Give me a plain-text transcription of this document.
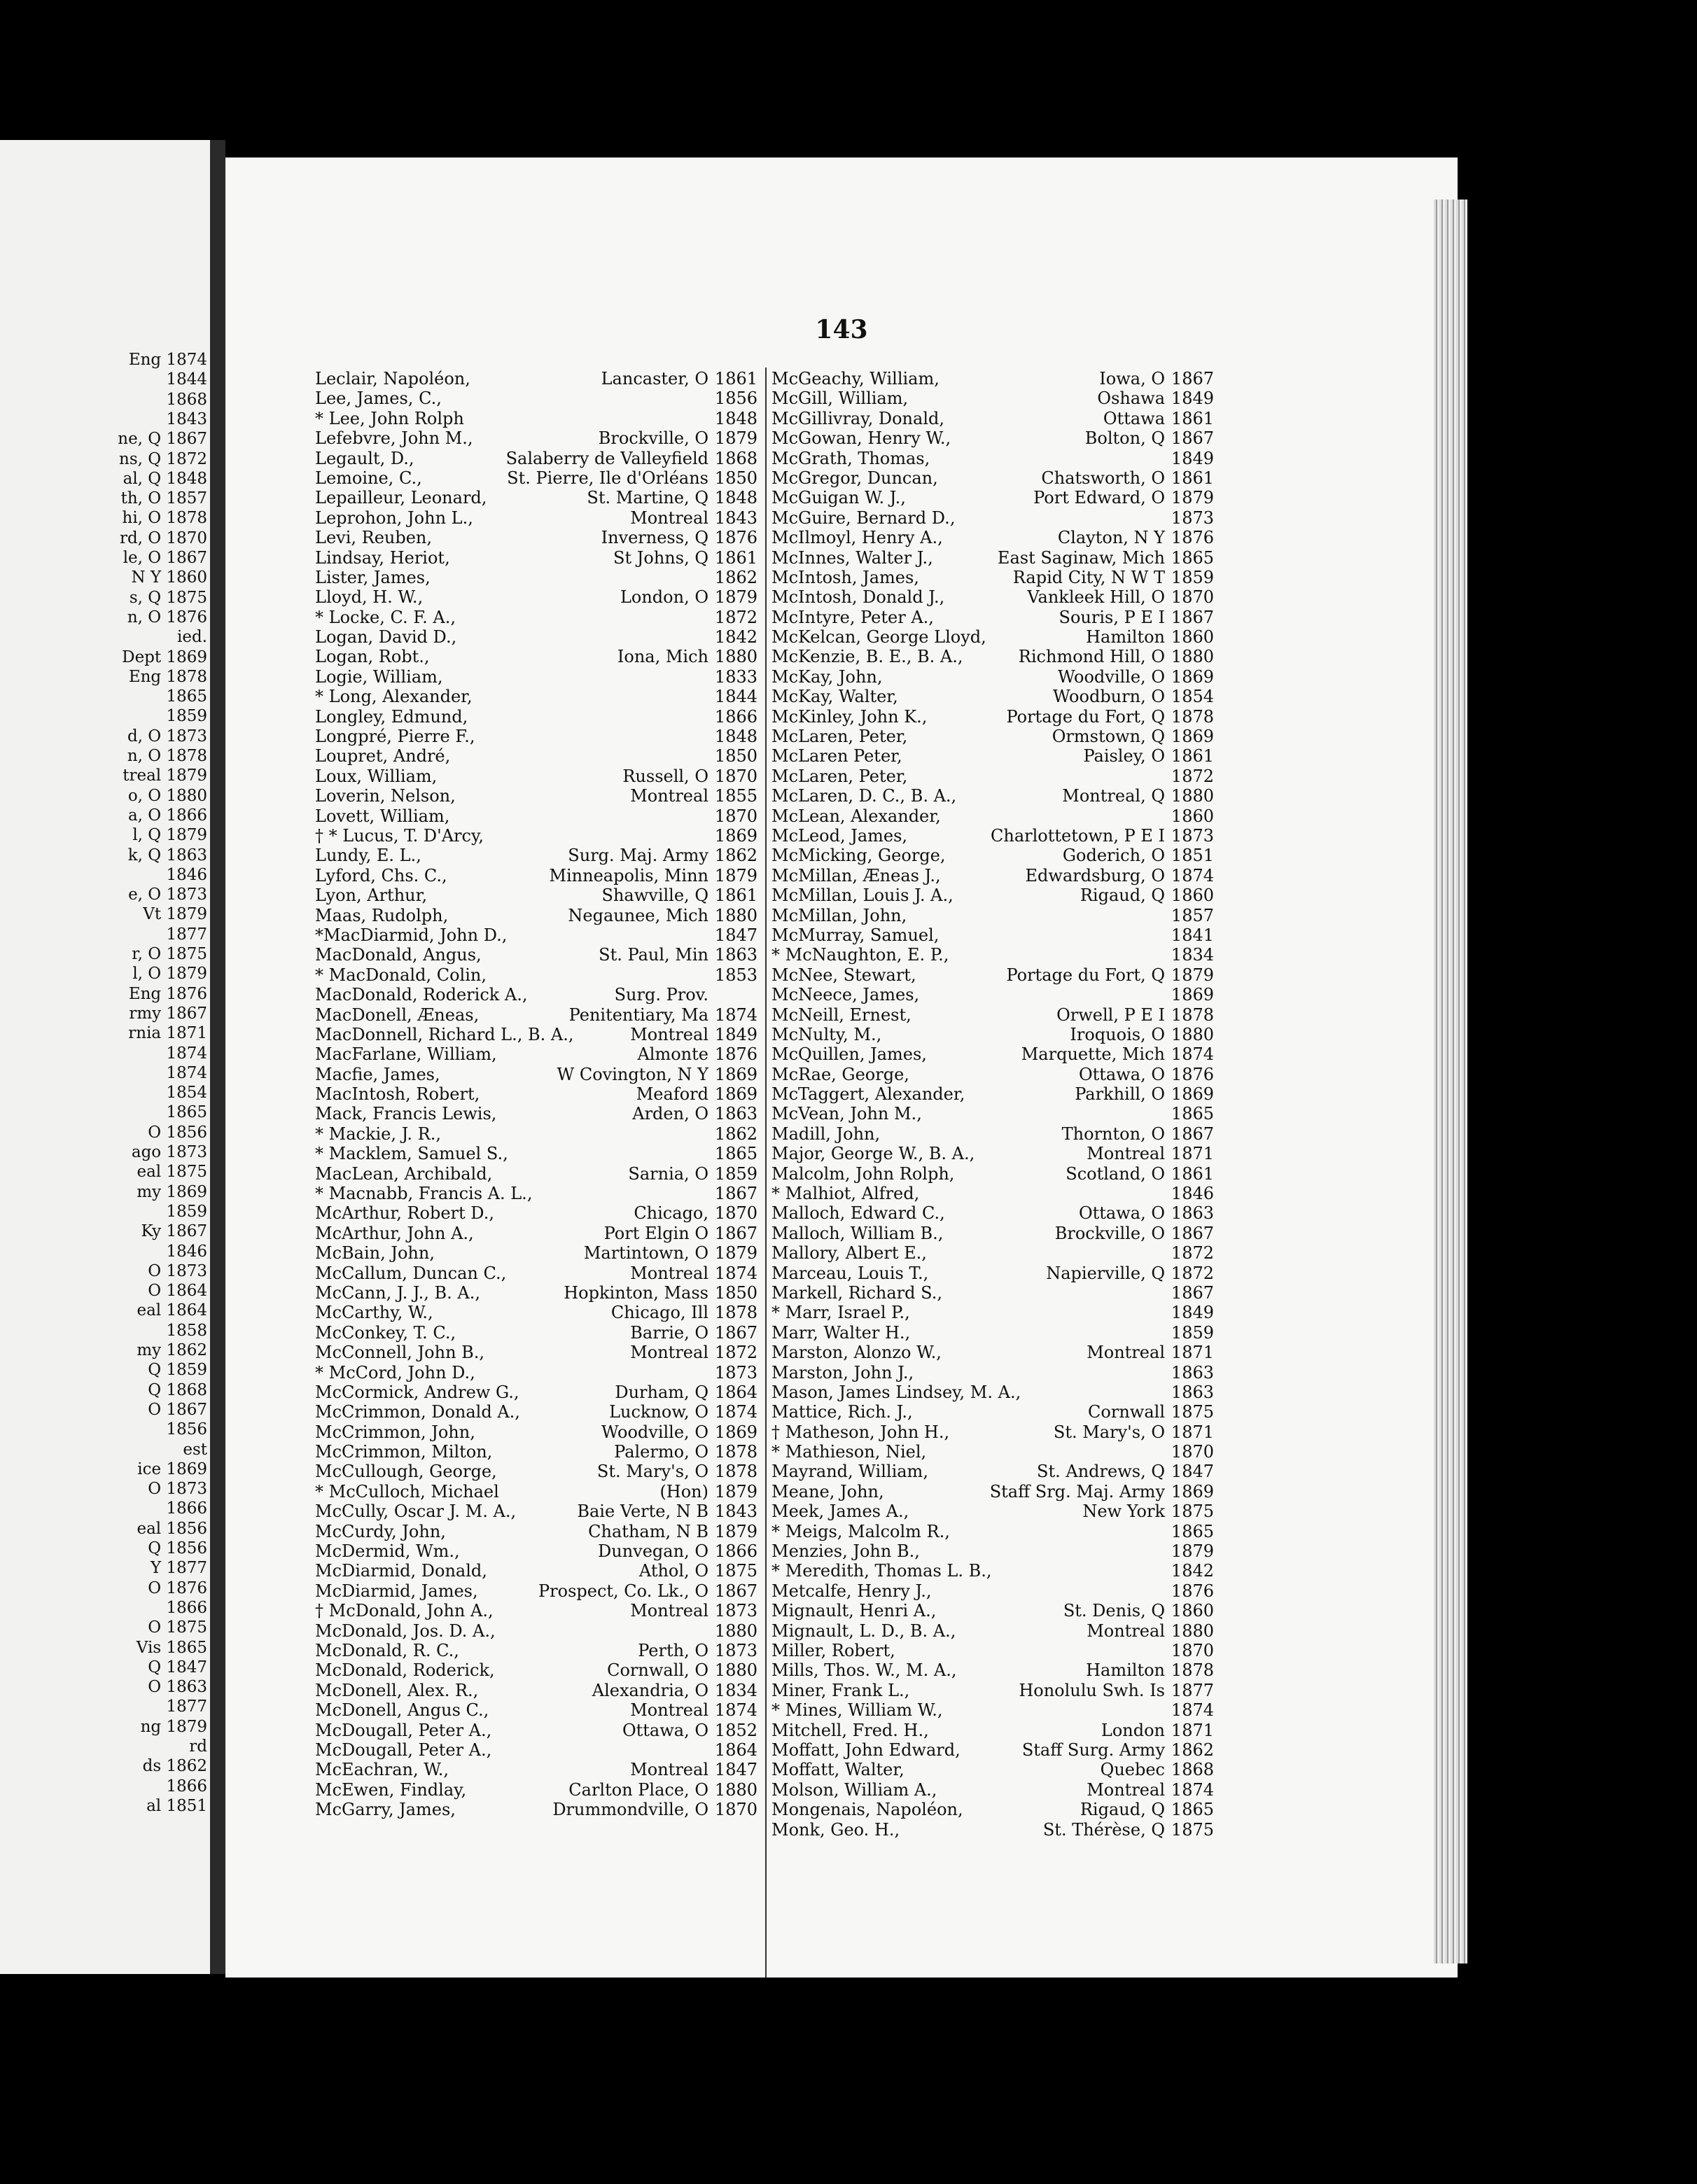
Eng 1874
1844
1868
1843
ne, Q 1867
ns, Q 1872
al, Q 1848
th, O 1857
hi, O 1878
rd, O 1870
le, O 1867
N Y 1860
s, Q 1875
n, O 1876
ied.
Dept 1869
Eng 1878
1865
1859
d, O 1873
n, O 1878
treal 1879
o, O 1880
a, O 1866
l, Q 1879
k, Q 1863
1846
e, O 1873
Vt 1879
1877
r, O 1875
l, O 1879
Eng 1876
rmy 1867
rnia 1871
1874
1874
1854
1865
O 1856
ago 1873
eal 1875
my 1869
1859
Ky 1867
1846
O 1873
O 1864
eal 1864
1858
my 1862
Q 1859
Q 1868
O 1867
1856
est
ice 1869
O 1873
1866
eal 1856
Q 1856
Y 1877
O 1876
1866
O 1875
Vis 1865
Q 1847
O 1863
1877
ng 1879
rd
ds 1862
1866
al 1851
143
Leclair, Napoléon,	Lancaster, O 1861
Lee, James, C.,	1856
* Lee, John Rolph	1848
Lefebvre, John M.,	Brockville, O 1879
Legault, D.,	Salaberry de Valleyfield 1868
Lemoine, C.,	St. Pierre, Ile d'Orléans 1850
Lepailleur, Leonard,	St. Martine, Q 1848
Leprohon, John L.,	Montreal 1843
Levi, Reuben,	Inverness, Q 1876
Lindsay, Heriot,	St Johns, Q 1861
Lister, James,	1862
Lloyd, H. W.,	London, O 1879
* Locke, C. F. A.,	1872
Logan, David D.,	1842
Logan, Robt.,	Iona, Mich 1880
Logie, William,	1833
* Long, Alexander,	1844
Longley, Edmund,	1866
Longpré, Pierre F.,	1848
Loupret, André,	1850
Loux, William,	Russell, O 1870
Loverin, Nelson,	Montreal 1855
Lovett, William,	1870
† * Lucus, T. D'Arcy,	1869
Lundy, E. L.,	Surg. Maj. Army 1862
Lyford, Chs. C.,	Minneapolis, Minn 1879
Lyon, Arthur,	Shawville, Q 1861
Maas, Rudolph,	Negaunee, Mich 1880
*MacDiarmid, John D.,	1847
MacDonald, Angus,	St. Paul, Min 1863
* MacDonald, Colin,	1853
MacDonald, Roderick A.,	Surg. Prov.
MacDonell, Æneas,	Penitentiary, Ma 1874
MacDonnell, Richard L., B. A.,	Montreal 1849
MacFarlane, William,	Almonte 1876
Macfie, James,	W Covington, N Y 1869
MacIntosh, Robert,	Meaford 1869
Mack, Francis Lewis,	Arden, O 1863
* Mackie, J. R.,	1862
* Macklem, Samuel S.,	1865
MacLean, Archibald,	Sarnia, O 1859
* Macnabb, Francis A. L.,	1867
McArthur, Robert D.,	Chicago, 1870
McArthur, John A.,	Port Elgin O 1867
McBain, John,	Martintown, O 1879
McCallum, Duncan C.,	Montreal 1874
McCann, J. J., B. A.,	Hopkinton, Mass 1850
McCarthy, W.,	Chicago, Ill 1878
McConkey, T. C.,	Barrie, O 1867
McConnell, John B.,	Montreal 1872
* McCord, John D.,	1873
McCormick, Andrew G.,	Durham, Q 1864
McCrimmon, Donald A.,	Lucknow, O 1874
McCrimmon, John,	Woodville, O 1869
McCrimmon, Milton,	Palermo, O 1878
McCullough, George,	St. Mary's, O 1878
* McCulloch, Michael	(Hon) 1879
McCully, Oscar J. M. A.,	Baie Verte, N B 1843
McCurdy, John,	Chatham, N B 1879
McDermid, Wm.,	Dunvegan, O 1866
McDiarmid, Donald,	Athol, O 1875
McDiarmid, James,	Prospect, Co. Lk., O 1867
† McDonald, John A.,	Montreal 1873
McDonald, Jos. D. A.,	1880
McDonald, R. C.,	Perth, O 1873
McDonald, Roderick,	Cornwall, O 1880
McDonell, Alex. R.,	Alexandria, O 1834
McDonell, Angus C.,	Montreal 1874
McDougall, Peter A.,	Ottawa, O 1852
McDougall, Peter A.,	1864
McEachran, W.,	Montreal 1847
McEwen, Findlay,	Carlton Place, O 1880
McGarry, James,	Drummondville, O 1870
McGeachy, William,	Iowa, O 1867
McGill, William,	Oshawa 1849
McGillivray, Donald,	Ottawa 1861
McGowan, Henry W.,	Bolton, Q 1867
McGrath, Thomas,	1849
McGregor, Duncan,	Chatsworth, O 1861
McGuigan W. J.,	Port Edward, O 1879
McGuire, Bernard D.,	1873
McIlmoyl, Henry A.,	Clayton, N Y 1876
McInnes, Walter J.,	East Saginaw, Mich 1865
McIntosh, James,	Rapid City, N W T 1859
McIntosh, Donald J.,	Vankleek Hill, O 1870
McIntyre, Peter A.,	Souris, P E I 1867
McKelcan, George Lloyd,	Hamilton 1860
McKenzie, B. E., B. A.,	Richmond Hill, O 1880
McKay, John,	Woodville, O 1869
McKay, Walter,	Woodburn, O 1854
McKinley, John K.,	Portage du Fort, Q 1878
McLaren, Peter,	Ormstown, Q 1869
McLaren Peter,	Paisley, O 1861
McLaren, Peter,	1872
McLaren, D. C., B. A.,	Montreal, Q 1880
McLean, Alexander,	1860
McLeod, James,	Charlottetown, P E I 1873
McMicking, George,	Goderich, O 1851
McMillan, Æneas J.,	Edwardsburg, O 1874
McMillan, Louis J. A.,	Rigaud, Q 1860
McMillan, John,	1857
McMurray, Samuel,	1841
* McNaughton, E. P.,	1834
McNee, Stewart,	Portage du Fort, Q 1879
McNeece, James,	1869
McNeill, Ernest,	Orwell, P E I 1878
McNulty, M.,	Iroquois, O 1880
McQuillen, James,	Marquette, Mich 1874
McRae, George,	Ottawa, O 1876
McTaggert, Alexander,	Parkhill, O 1869
McVean, John M.,	1865
Madill, John,	Thornton, O 1867
Major, George W., B. A.,	Montreal 1871
Malcolm, John Rolph,	Scotland, O 1861
* Malhiot, Alfred,	1846
Malloch, Edward C.,	Ottawa, O 1863
Malloch, William B.,	Brockville, O 1867
Mallory, Albert E.,	1872
Marceau, Louis T.,	Napierville, Q 1872
Markell, Richard S.,	1867
* Marr, Israel P.,	1849
Marr, Walter H.,	1859
Marston, Alonzo W.,	Montreal 1871
Marston, John J.,	1863
Mason, James Lindsey, M. A.,	1863
Mattice, Rich. J.,	Cornwall 1875
† Matheson, John H.,	St. Mary's, O 1871
* Mathieson, Niel,	1870
Mayrand, William,	St. Andrews, Q 1847
Meane, John,	Staff Srg. Maj. Army 1869
Meek, James A.,	New York 1875
* Meigs, Malcolm R.,	1865
Menzies, John B.,	1879
* Meredith, Thomas L. B.,	1842
Metcalfe, Henry J.,	1876
Mignault, Henri A.,	St. Denis, Q 1860
Mignault, L. D., B. A.,	Montreal 1880
Miller, Robert,	1870
Mills, Thos. W., M. A.,	Hamilton 1878
Miner, Frank L.,	Honolulu Swh. Is 1877
* Mines, William W.,	1874
Mitchell, Fred. H.,	London 1871
Moffatt, John Edward,	Staff Surg. Army 1862
Moffatt, Walter,	Quebec 1868
Molson, William A.,	Montreal 1874
Mongenais, Napoléon,	Rigaud, Q 1865
Monk, Geo. H.,	St. Thérèse, Q 1875
